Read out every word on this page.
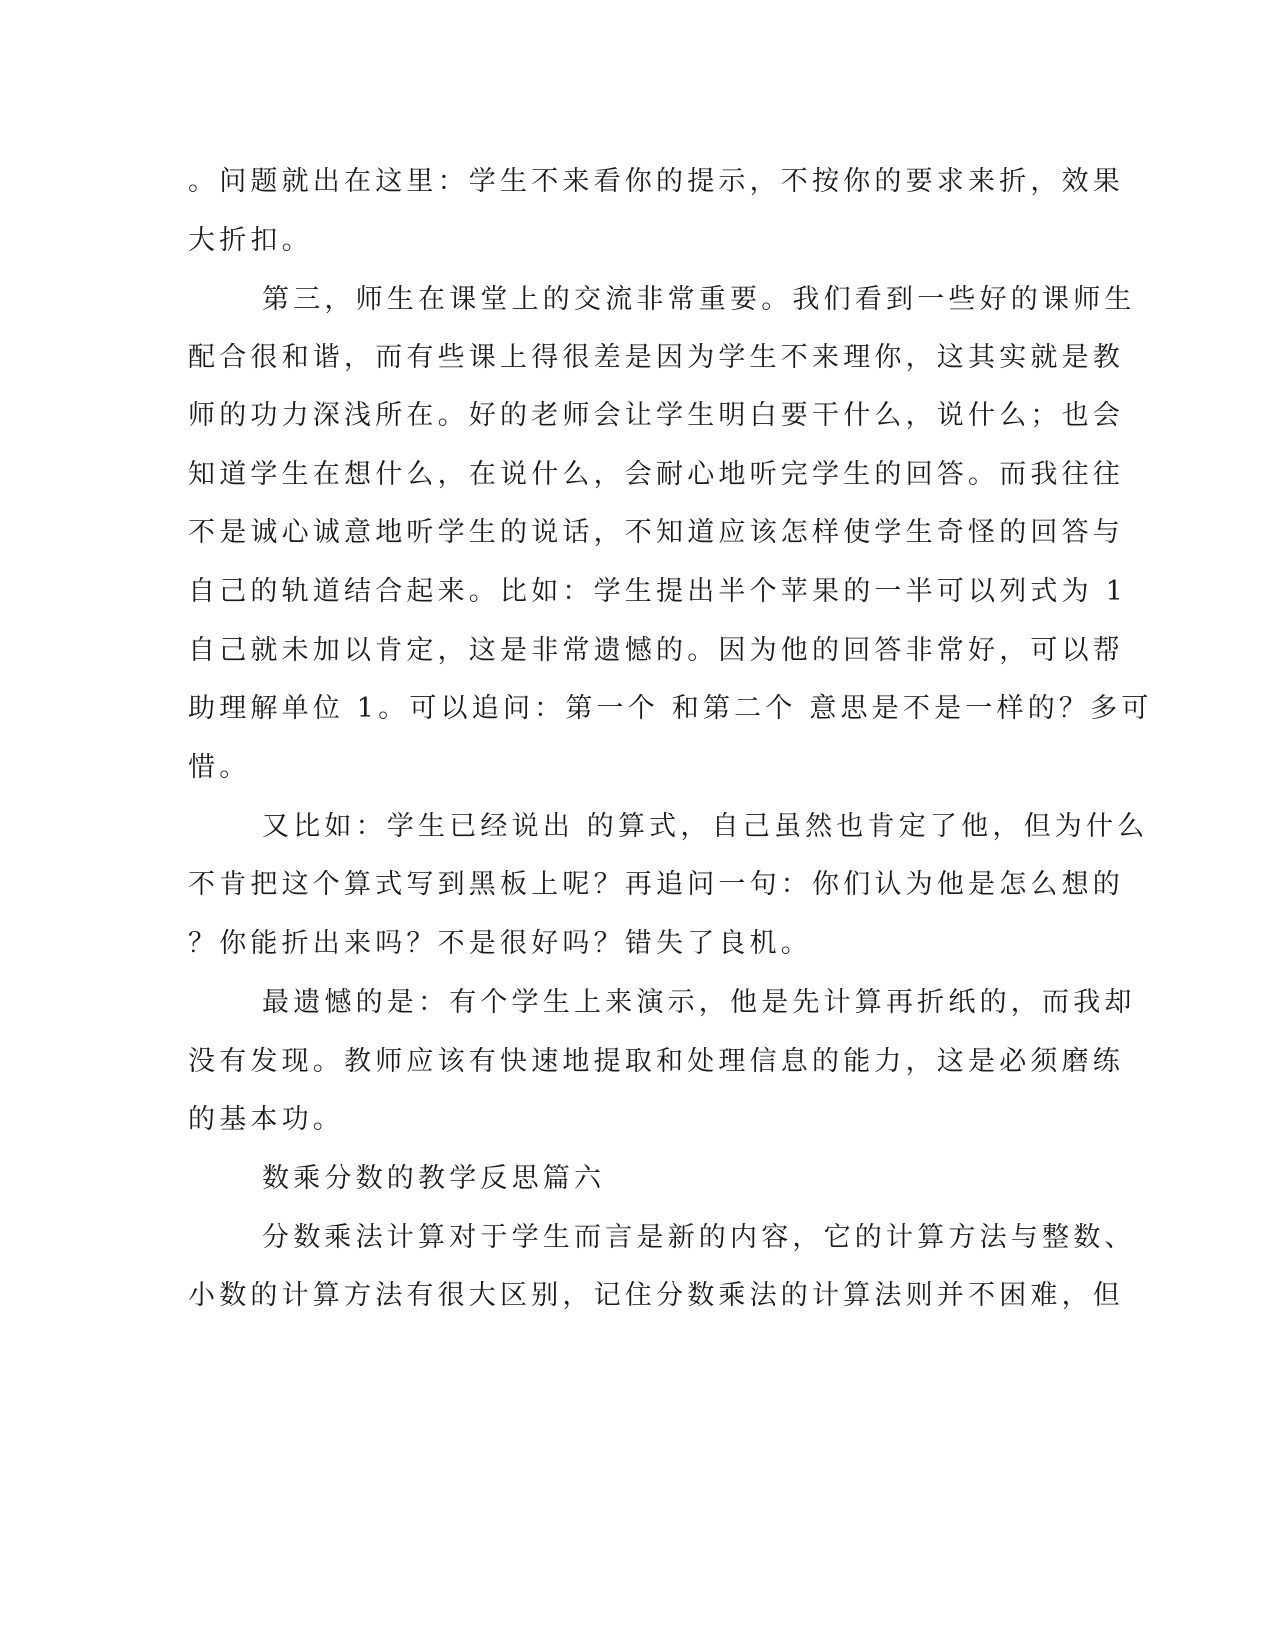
。问题就出在这里：学生不来看你的提示，不按你的要求来折，效果
大折扣。
第三，师生在课堂上的交流非常重要。我们看到一些好的课师生
配合很和谐，而有些课上得很差是因为学生不来理你，这其实就是教
师的功力深浅所在。好的老师会让学生明白要干什么，说什么；也会
知道学生在想什么，在说什么，会耐心地听完学生的回答。而我往往
不是诚心诚意地听学生的说话，不知道应该怎样使学生奇怪的回答与
自己的轨道结合起来。比如：学生提出半个苹果的一半可以列式为 1
自己就未加以肯定，这是非常遗憾的。因为他的回答非常好，可以帮
助理解单位 1。可以追问：第一个 和第二个 意思是不是一样的？多可
惜。
又比如：学生已经说出 的算式，自己虽然也肯定了他，但为什么
不肯把这个算式写到黑板上呢？再追问一句：你们认为他是怎么想的
？你能折出来吗？不是很好吗？错失了良机。
最遗憾的是：有个学生上来演示，他是先计算再折纸的，而我却
没有发现。教师应该有快速地提取和处理信息的能力，这是必须磨练
的基本功。
数乘分数的教学反思篇六
分数乘法计算对于学生而言是新的内容，它的计算方法与整数、
小数的计算方法有很大区别，记住分数乘法的计算法则并不困难，但
